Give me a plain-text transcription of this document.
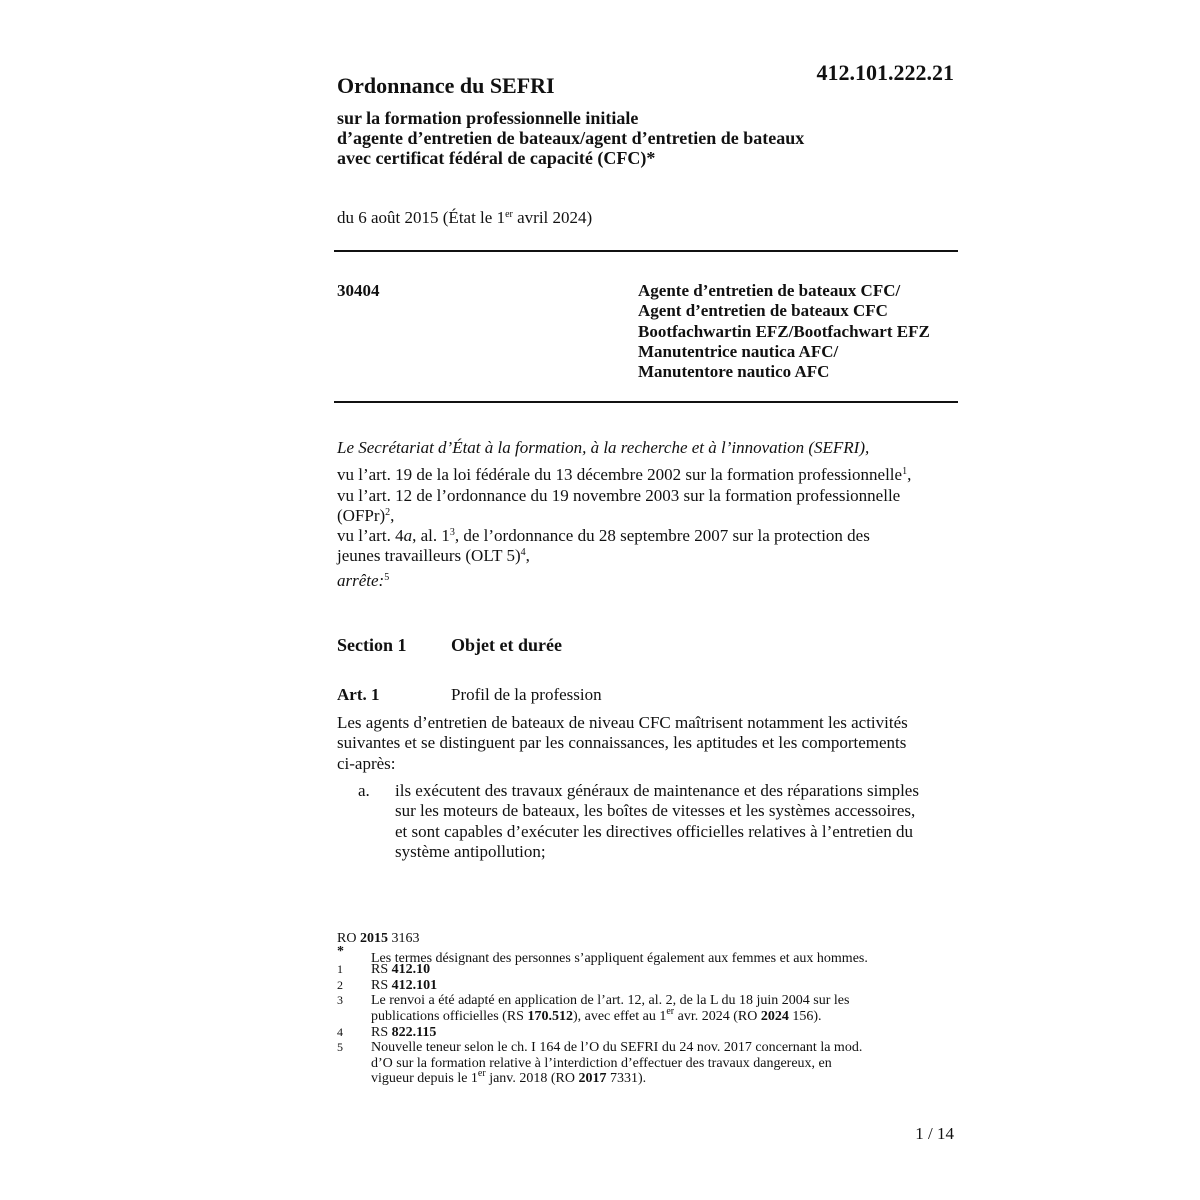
412.101.222.21
Ordonnance du SEFRI
sur la formation professionnelle initiale
d’agente d’entretien de bateaux/agent d’entretien de bateaux
avec certificat fédéral de capacité (CFC)*
du 6 août 2015 (État le 1er avril 2024)
30404	Agente d’entretien de bateaux CFC/
Agent d’entretien de bateaux CFC
Bootfachwartin EFZ/Bootfachwart EFZ
Manutentrice nautica AFC/
Manutentore nautico AFC
Le Secrétariat d’État à la formation, à la recherche et à l’innovation (SEFRI),
vu l’art. 19 de la loi fédérale du 13 décembre 2002 sur la formation professionnelle$^1$,
vu l’art. 12 de l’ordonnance du 19 novembre 2003 sur la formation professionnelle
(OFPr)$^2$,
vu l’art. 4a, al. $1^3$, de l’ordonnance du 28 septembre 2007 sur la protection des
jeunes travailleurs (OLT 5)$^4$,
arrête:$^5$
Section 1 Objet et durée
Art. 1	Profil de la profession
Les agents d’entretien de bateaux de niveau CFC maîtrisent notamment les activités
suivantes et se distinguent par les connaissances, les aptitudes et les comportements
ci-après:
a. ils exécutent des travaux généraux de maintenance et des réparations simples
sur les moteurs de bateaux, les boîtes de vitesses et les systèmes accessoires,
et sont capables d’exécuter les directives officielles relatives à l’entretien du
système antipollution;
RO 2015 3163
* Les termes désignant des personnes s’appliquent également aux femmes et aux hommes.
1 RS 412.10
2 RS 412.101
3 Le renvoi a été adapté en application de l’art. 12, al. 2, de la L du 18 juin 2004 sur les
publications officielles (RS 170.512), avec effet au 1er avr. 2024 (RO 2024 156).
4 RS 822.115
5 Nouvelle teneur selon le ch. I 164 de l’O du SEFRI du 24 nov. 2017 concernant la mod.
d’O sur la formation relative à l’interdiction d’effectuer des travaux dangereux, en
vigueur depuis le 1er janv. 2018 (RO 2017 7331).
1 / 14
